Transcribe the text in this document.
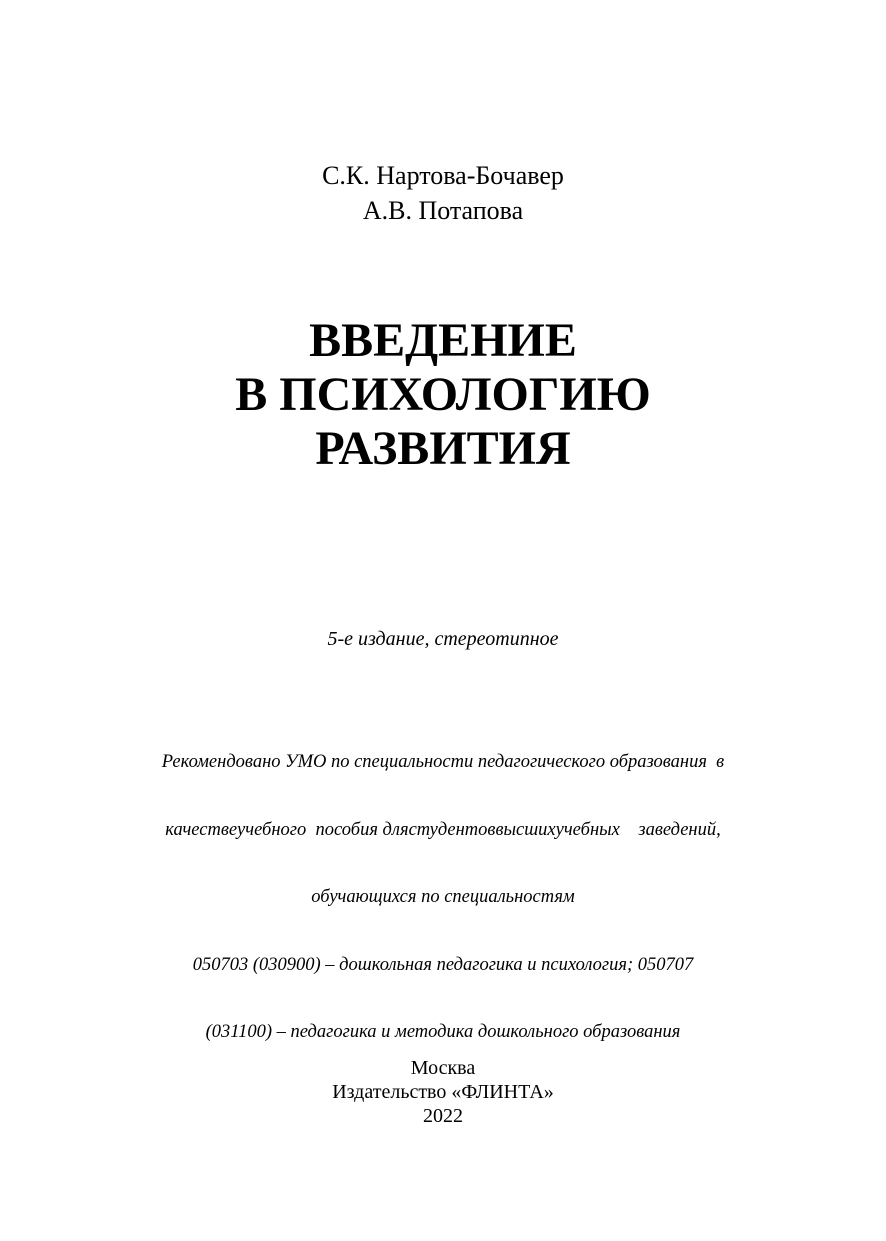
С.К. Нартова-Бочавер
А.В. Потапова
ВВЕДЕНИЕ
В ПСИХОЛОГИЮ
РАЗВИТИЯ
5-е издание, стереотипное

Рекомендовано УМО по специальности педагогического образования  в

качествеучебного  пособия длястудентоввысшихучебных    заведений,

обучающихся по специальностям

050703 (030900) – дошкольная педагогика и психология; 050707

(031100) – педагогика и методика дошкольного образования

Москва
Издательство «ФЛИНТА»
2022
